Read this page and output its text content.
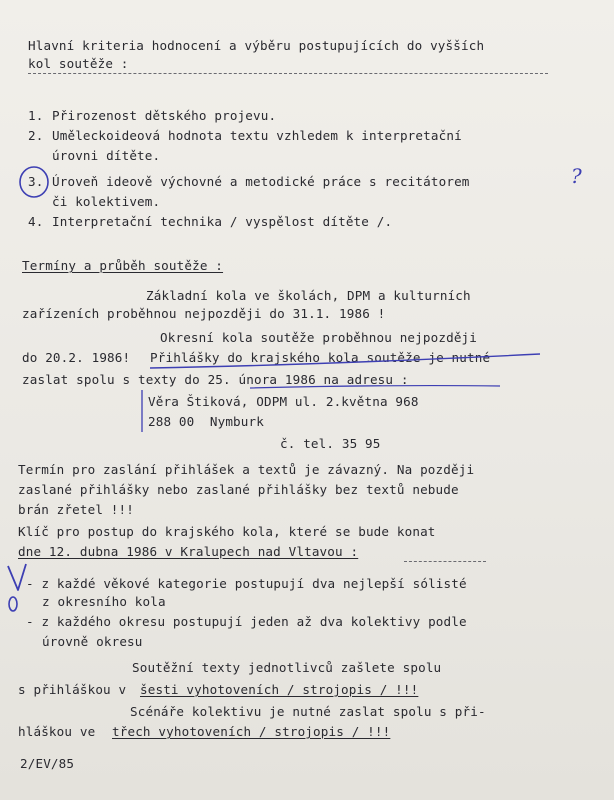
Hlavní kriteria hodnocení a výběru postupujících do vyšších
kol soutěže :
1. Přirozenost dětského projevu.
2. Uměleckoideová hodnota textu vzhledem k interpretační
úrovni dítěte.
3. Úroveň ideově výchovné a metodické práce s recitátorem
či kolektivem.
4. Interpretační technika / vyspělost dítěte /.
?
Termíny a průběh soutěže :
Základní kola ve školách, DPM a kulturních
zařízeních proběhnou nejpozději do 31.1. 1986 !
Okresní kola soutěže proběhnou nejpozději
do 20.2. 1986! Přihlášky do krajského kola soutěže je nutné
zaslat spolu s texty do 25. února 1986 na adresu :
Věra Štiková, ODPM ul. 2.května 968
288 00  Nymburk
č. tel. 35 95
Termín pro zaslání přihlášek a textů je závazný. Na později
zaslané přihlášky nebo zaslané přihlášky bez textů nebude
brán zřetel !!!
Klíč pro postup do krajského kola, které se bude konat
dne 12. dubna 1986 v Kralupech nad Vltavou :
- z každé věkové kategorie postupují dva nejlepší sólisté
z okresního kola
- z každého okresu postupují jeden až dva kolektivy podle
úrovně okresu
Soutěžní texty jednotlivců zašlete spolu
s přihláškou v šesti vyhotoveních / strojopis / !!!
Scénáře kolektivu je nutné zaslat spolu s při-
hláškou ve třech vyhotoveních / strojopis / !!!
2/EV/85
